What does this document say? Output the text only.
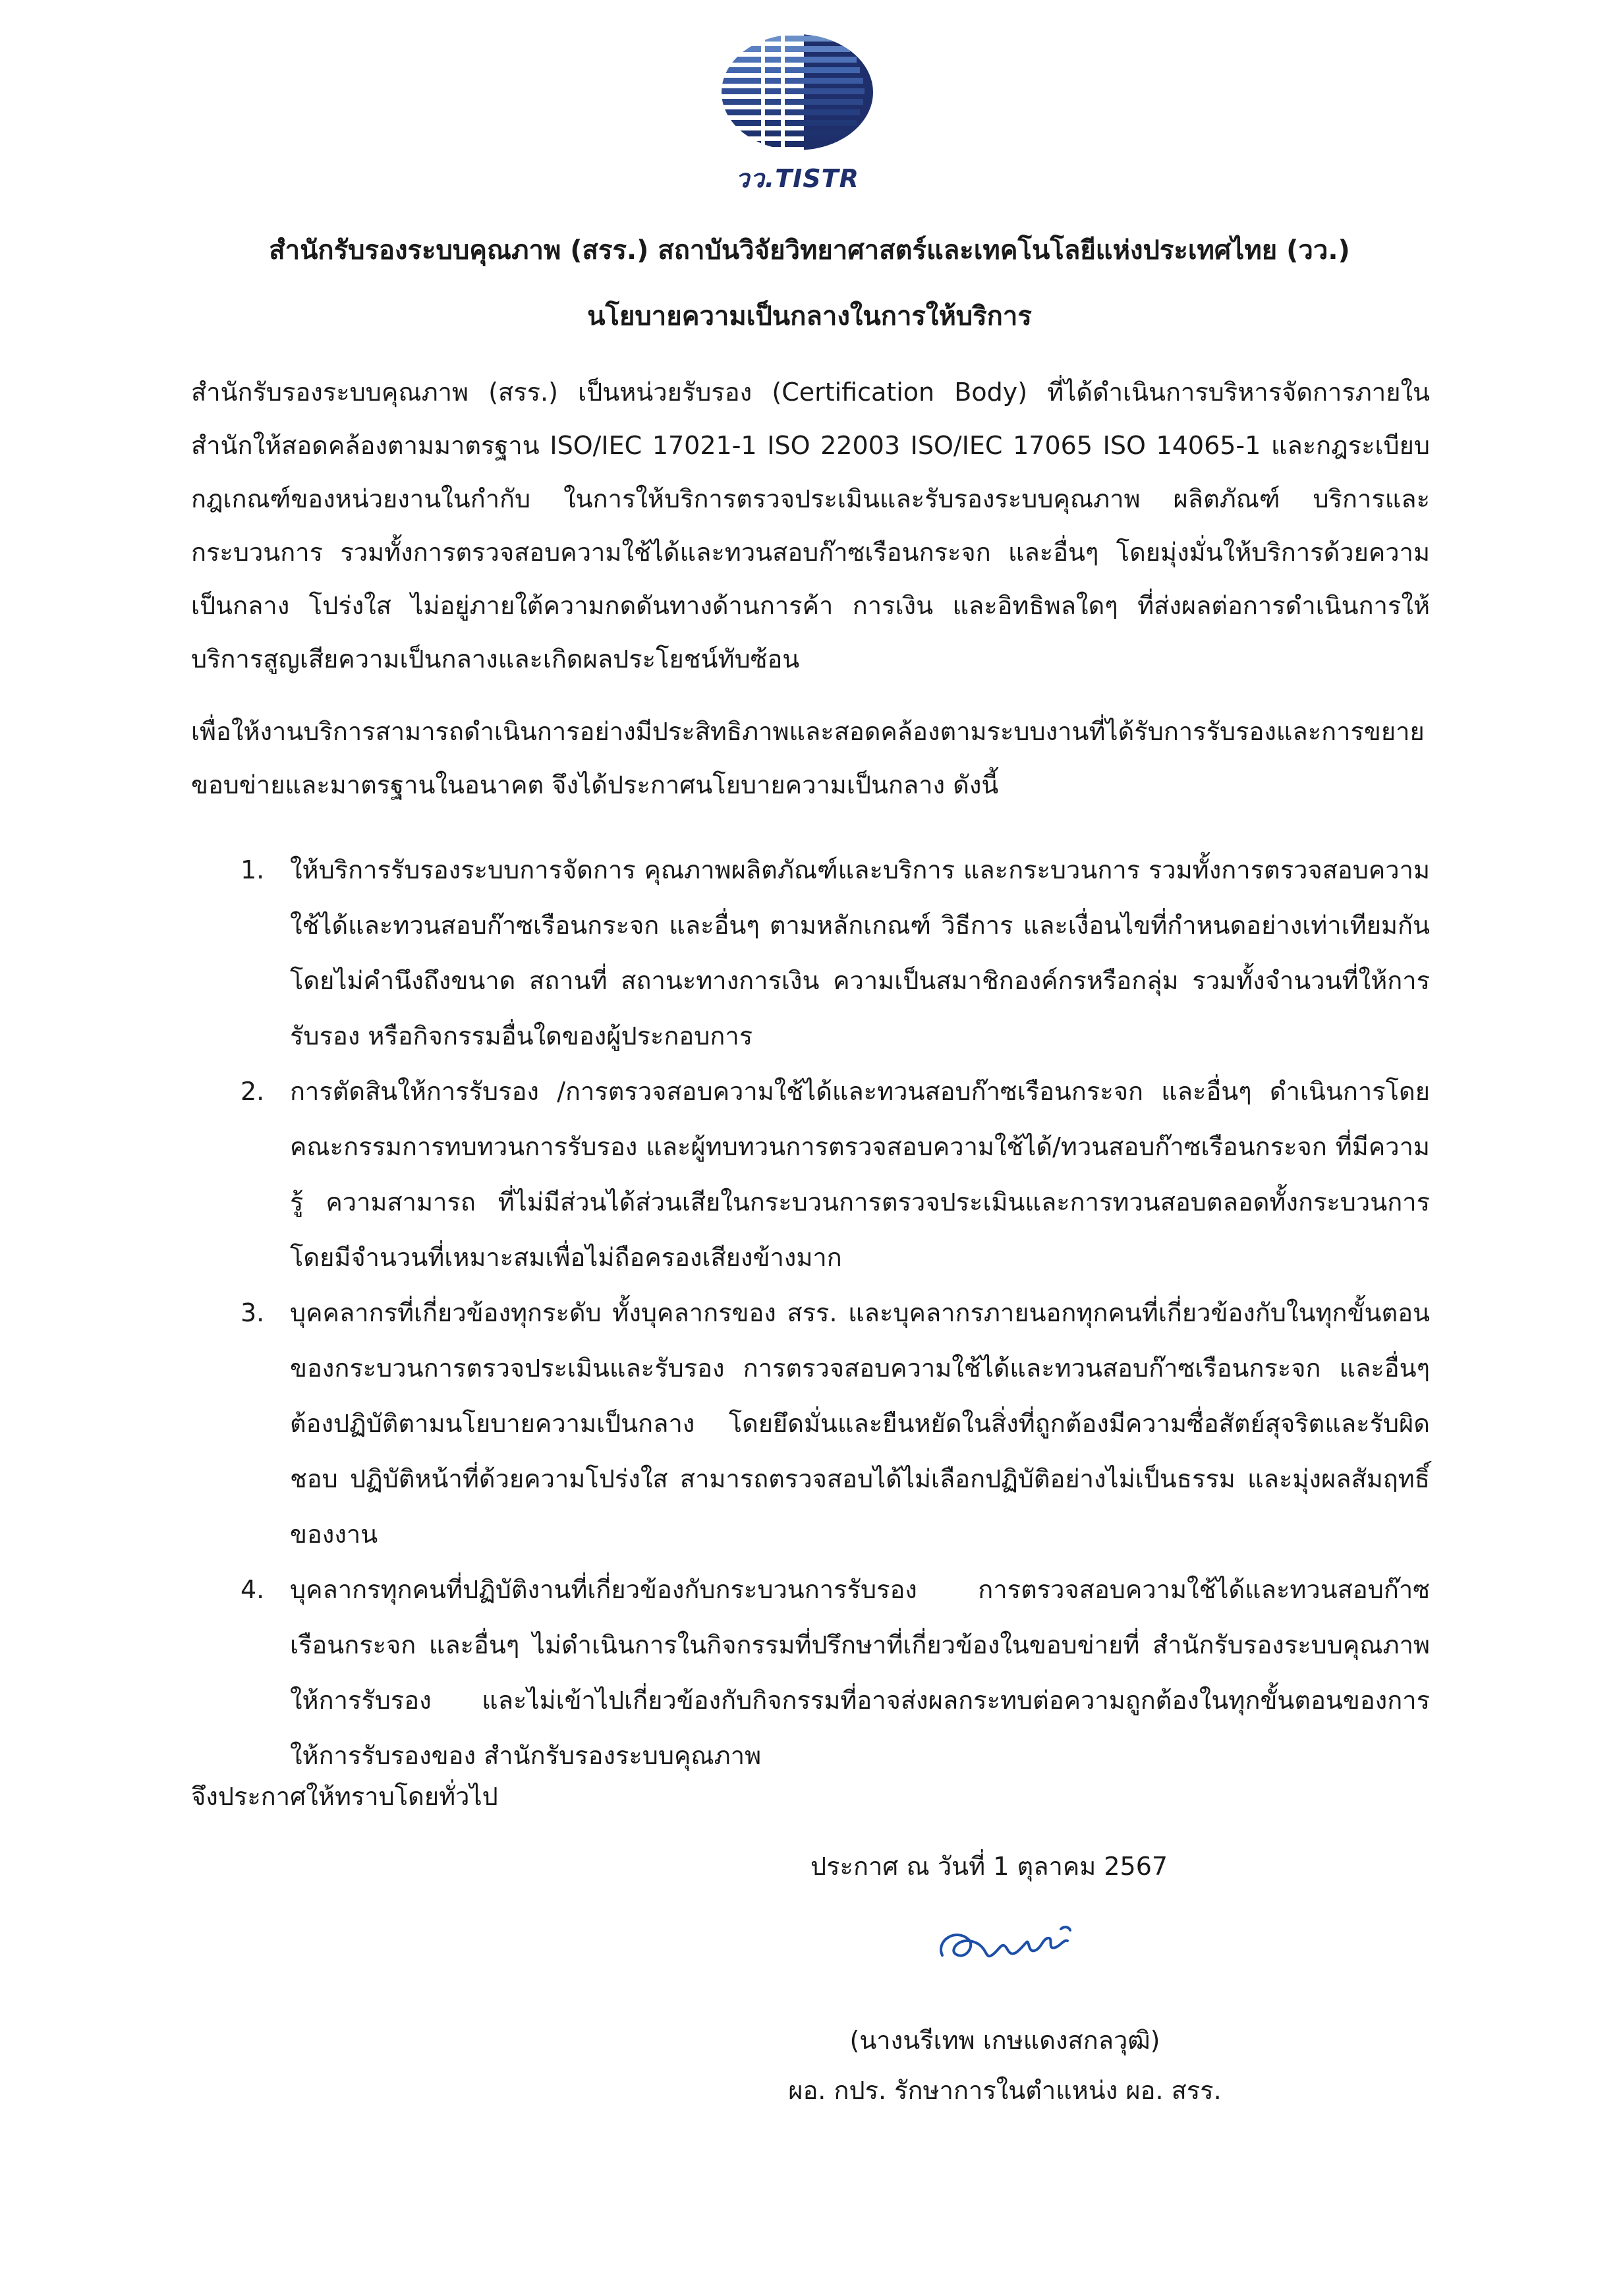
วว.TISTR
สำนักรับรองระบบคุณภาพ (สรร.) สถาบันวิจัยวิทยาศาสตร์และเทคโนโลยีแห่งประเทศไทย (วว.)
นโยบายความเป็นกลางในการให้บริการ
สำนักรับรองระบบคุณภาพ (สรร.) เป็นหน่วยรับรอง (Certification Body) ที่ได้ดำเนินการบริหารจัดการภายในสำนักให้สอดคล้องตามมาตรฐาน ISO/IEC 17021-1 ISO 22003 ISO/IEC 17065 ISO 14065-1 และกฎระเบียบ กฎเกณฑ์ของหน่วยงานในกำกับ ในการให้บริการตรวจประเมินและรับรองระบบคุณภาพ ผลิตภัณฑ์ บริการและกระบวนการ รวมทั้งการตรวจสอบความใช้ได้และทวนสอบก๊าซเรือนกระจก และอื่นๆ โดยมุ่งมั่นให้บริการด้วยความเป็นกลาง โปร่งใส ไม่อยู่ภายใต้ความกดดันทางด้านการค้า การเงิน และอิทธิพลใดๆ ที่ส่งผลต่อการดำเนินการให้บริการสูญเสียความเป็นกลางและเกิดผลประโยชน์ทับซ้อน
เพื่อให้งานบริการสามารถดำเนินการอย่างมีประสิทธิภาพและสอดคล้องตามระบบงานที่ได้รับการรับรองและการขยายขอบข่ายและมาตรฐานในอนาคต จึงได้ประกาศนโยบายความเป็นกลาง ดังนี้
1. ให้บริการรับรองระบบการจัดการ คุณภาพผลิตภัณฑ์และบริการ และกระบวนการ รวมทั้งการตรวจสอบความใช้ได้และทวนสอบก๊าซเรือนกระจก และอื่นๆ ตามหลักเกณฑ์ วิธีการ และเงื่อนไขที่กำหนดอย่างเท่าเทียมกัน โดยไม่คำนึงถึงขนาด สถานที่ สถานะทางการเงิน ความเป็นสมาชิกองค์กรหรือกลุ่ม รวมทั้งจำนวนที่ให้การรับรอง หรือกิจกรรมอื่นใดของผู้ประกอบการ
2. การตัดสินให้การรับรอง /การตรวจสอบความใช้ได้และทวนสอบก๊าซเรือนกระจก และอื่นๆ ดำเนินการโดยคณะกรรมการทบทวนการรับรอง และผู้ทบทวนการตรวจสอบความใช้ได้/ทวนสอบก๊าซเรือนกระจก ที่มีความรู้ ความสามารถ ที่ไม่มีส่วนได้ส่วนเสียในกระบวนการตรวจประเมินและการทวนสอบตลอดทั้งกระบวนการโดยมีจำนวนที่เหมาะสมเพื่อไม่ถือครองเสียงข้างมาก
3. บุคคลากรที่เกี่ยวข้องทุกระดับ ทั้งบุคลากรของ สรร. และบุคลากรภายนอกทุกคนที่เกี่ยวข้องกับในทุกขั้นตอนของกระบวนการตรวจประเมินและรับรอง การตรวจสอบความใช้ได้และทวนสอบก๊าซเรือนกระจก และอื่นๆ ต้องปฏิบัติตามนโยบายความเป็นกลาง โดยยึดมั่นและยืนหยัดในสิ่งที่ถูกต้องมีความซื่อสัตย์สุจริตและรับผิดชอบ ปฏิบัติหน้าที่ด้วยความโปร่งใส สามารถตรวจสอบได้ไม่เลือกปฏิบัติอย่างไม่เป็นธรรม และมุ่งผลสัมฤทธิ์ของงาน
4. บุคลากรทุกคนที่ปฏิบัติงานที่เกี่ยวข้องกับกระบวนการรับรอง การตรวจสอบความใช้ได้และทวนสอบก๊าซเรือนกระจก และอื่นๆ ไม่ดำเนินการในกิจกรรมที่ปรึกษาที่เกี่ยวข้องในขอบข่ายที่ สำนักรับรองระบบคุณภาพ ให้การรับรอง และไม่เข้าไปเกี่ยวข้องกับกิจกรรมที่อาจส่งผลกระทบต่อความถูกต้องในทุกขั้นตอนของการให้การรับรองของ สำนักรับรองระบบคุณภาพ
จึงประกาศให้ทราบโดยทั่วไป
ประกาศ ณ วันที่ 1 ตุลาคม 2567
(นางนรีเทพ เกษแดงสกลวุฒิ)
ผอ. กปร. รักษาการในตำแหน่ง ผอ. สรร.
